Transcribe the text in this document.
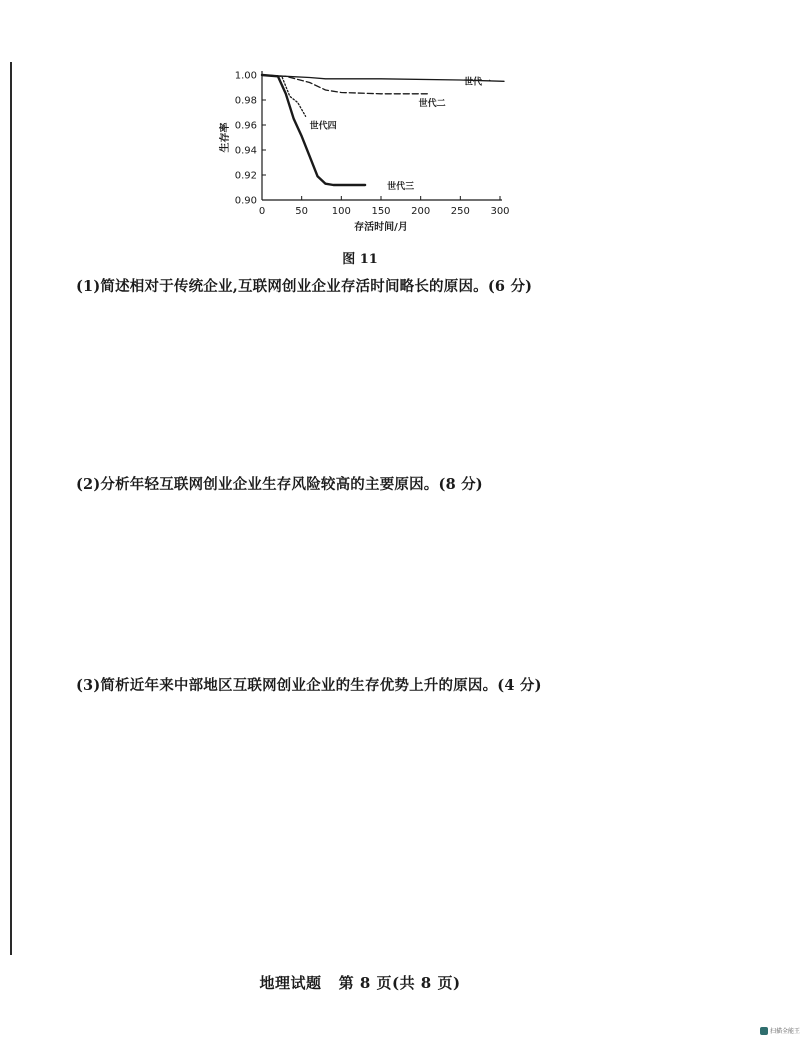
0	50 100 150 200 250 300
0.90
0.92
0.94
0.96
0.98
1.00
存活时间/月
生存率
世代一
世代二
世代三
世代四
图 11
(1)简述相对于传统企业,互联网创业企业存活时间略长的原因。(6 分)
(2)分析年轻互联网创业企业生存风险较高的主要原因。(8 分)
(3)简析近年来中部地区互联网创业企业的生存优势上升的原因。(4 分)
地理试题   第 8 页(共 8 页)
扫描全能王
